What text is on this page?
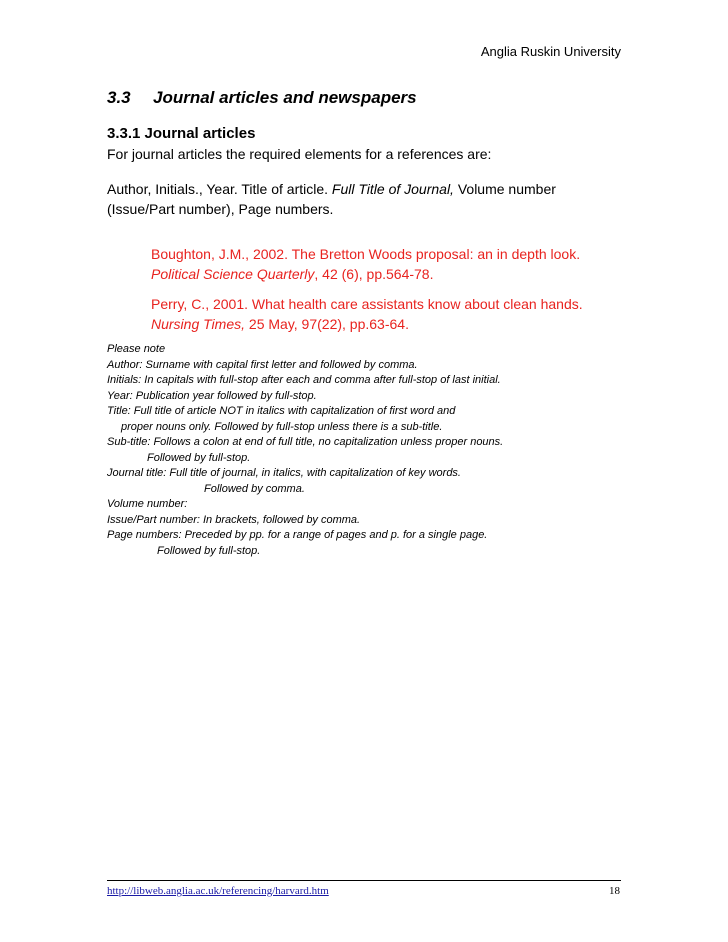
Anglia Ruskin University
3.3 Journal articles and newspapers
3.3.1 Journal articles
For journal articles the required elements for a references are:
Author, Initials., Year. Title of article. Full Title of Journal, Volume number
(Issue/Part number), Page numbers.
Boughton, J.M., 2002. The Bretton Woods proposal: an in depth look.
Political Science Quarterly, 42 (6), pp.564-78.
Perry, C., 2001. What health care assistants know about clean hands.
Nursing Times, 25 May, 97(22), pp.63-64.
Please note
Author: Surname with capital first letter and followed by comma.
Initials: In capitals with full-stop after each and comma after full-stop of last initial.
Year: Publication year followed by full-stop.
Title: Full title of article NOT in italics with capitalization of first word and
proper nouns only. Followed by full-stop unless there is a sub-title.
Sub-title: Follows a colon at end of full title, no capitalization unless proper nouns.
Followed by full-stop.
Journal title: Full title of journal, in italics, with capitalization of key words.
Followed by comma.
Volume number:
Issue/Part number: In brackets, followed by comma.
Page numbers: Preceded by pp. for a range of pages and p. for a single page.
Followed by full-stop.
http://libweb.anglia.ac.uk/referencing/harvard.htm	18
